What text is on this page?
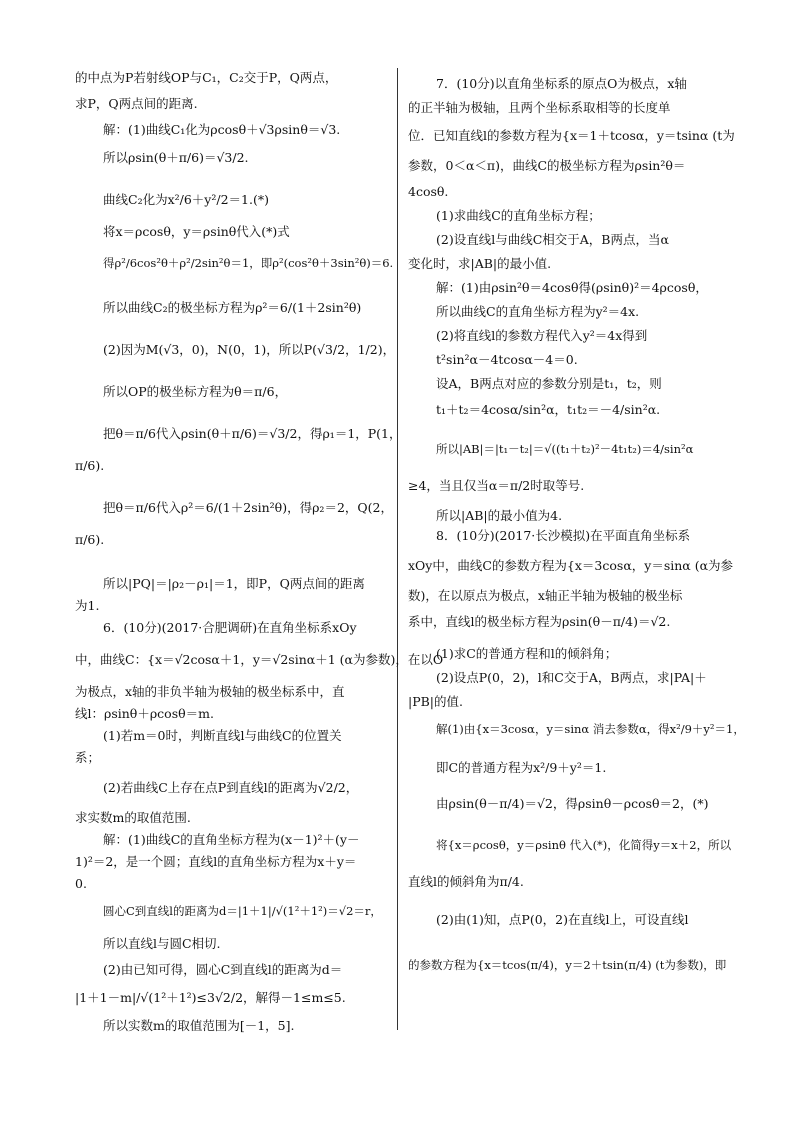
的中点为P若射线OP与C₁，C₂交于P，Q两点，
求P，Q两点间的距离.
解：(1)曲线C₁化为ρcosθ＋√3ρsinθ＝√3.
所以ρsin(θ＋π/6)＝√3/2.
曲线C₂化为x²/6＋y²/2＝1.(*)
将x＝ρcosθ，y＝ρsinθ代入(*)式
得ρ²/6cos²θ＋ρ²/2sin²θ＝1，即ρ²(cos²θ＋3sin²θ)＝6.
所以曲线C₂的极坐标方程为ρ²＝6/(1＋2sin²θ)
(2)因为M(√3，0)，N(0，1)，所以P(√3/2，1/2)，
所以OP的极坐标方程为θ＝π/6，
把θ＝π/6代入ρsin(θ＋π/6)＝√3/2，得ρ₁＝1，P(1，
π/6).
把θ＝π/6代入ρ²＝6/(1＋2sin²θ)，得ρ₂＝2，Q(2，
π/6).
所以|PQ|＝|ρ₂－ρ₁|＝1，即P，Q两点间的距离
为1.
6．(10分)(2017·合肥调研)在直角坐标系xOy
中，曲线C：{x＝√2cosα＋1，y＝√2sinα＋1 (α为参数)，在以O
为极点，x轴的非负半轴为极轴的极坐标系中，直
线l：ρsinθ＋ρcosθ＝m.
(1)若m＝0时，判断直线l与曲线C的位置关
系；
(2)若曲线C上存在点P到直线l的距离为√2/2，
求实数m的取值范围.
解：(1)曲线C的直角坐标方程为(x－1)²＋(y－
1)²＝2，是一个圆；直线l的直角坐标方程为x＋y＝
0.
圆心C到直线l的距离为d＝|1＋1|/√(1²＋1²)＝√2＝r，
所以直线l与圆C相切.
(2)由已知可得，圆心C到直线l的距离为d＝
|1＋1－m|/√(1²＋1²)≤3√2/2，解得－1≤m≤5.
所以实数m的取值范围为[－1，5].
7．(10分)以直角坐标系的原点O为极点，x轴
的正半轴为极轴，且两个坐标系取相等的长度单
位．已知直线l的参数方程为{x＝1＋tcosα，y＝tsinα (t为
参数，0＜α＜π)，曲线C的极坐标方程为ρsin²θ＝
4cosθ.
(1)求曲线C的直角坐标方程；
(2)设直线l与曲线C相交于A，B两点，当α
变化时，求|AB|的最小值.
解：(1)由ρsin²θ＝4cosθ得(ρsinθ)²＝4ρcosθ，
所以曲线C的直角坐标方程为y²＝4x.
(2)将直线l的参数方程代入y²＝4x得到
t²sin²α－4tcosα－4＝0.
设A，B两点对应的参数分别是t₁，t₂，则
t₁＋t₂＝4cosα/sin²α，t₁t₂＝－4/sin²α.
所以|AB|＝|t₁－t₂|＝√((t₁＋t₂)²－4t₁t₂)＝4/sin²α
≥4，当且仅当α＝π/2时取等号.
所以|AB|的最小值为4.
8．(10分)(2017·长沙模拟)在平面直角坐标系
xOy中，曲线C的参数方程为{x＝3cosα，y＝sinα (α为参
数)，在以原点为极点，x轴正半轴为极轴的极坐标
系中，直线l的极坐标方程为ρsin(θ－π/4)＝√2.
(1)求C的普通方程和l的倾斜角；
(2)设点P(0，2)，l和C交于A，B两点，求|PA|＋
|PB|的值.
解(1)由{x＝3cosα，y＝sinα 消去参数α，得x²/9＋y²＝1，
即C的普通方程为x²/9＋y²＝1.
由ρsin(θ－π/4)＝√2，得ρsinθ－ρcosθ＝2，(*)
将{x＝ρcosθ，y＝ρsinθ 代入(*)，化简得y＝x＋2，所以
直线l的倾斜角为π/4.
(2)由(1)知，点P(0，2)在直线l上，可设直线l
的参数方程为{x＝tcos(π/4)，y＝2＋tsin(π/4) (t为参数)，即
